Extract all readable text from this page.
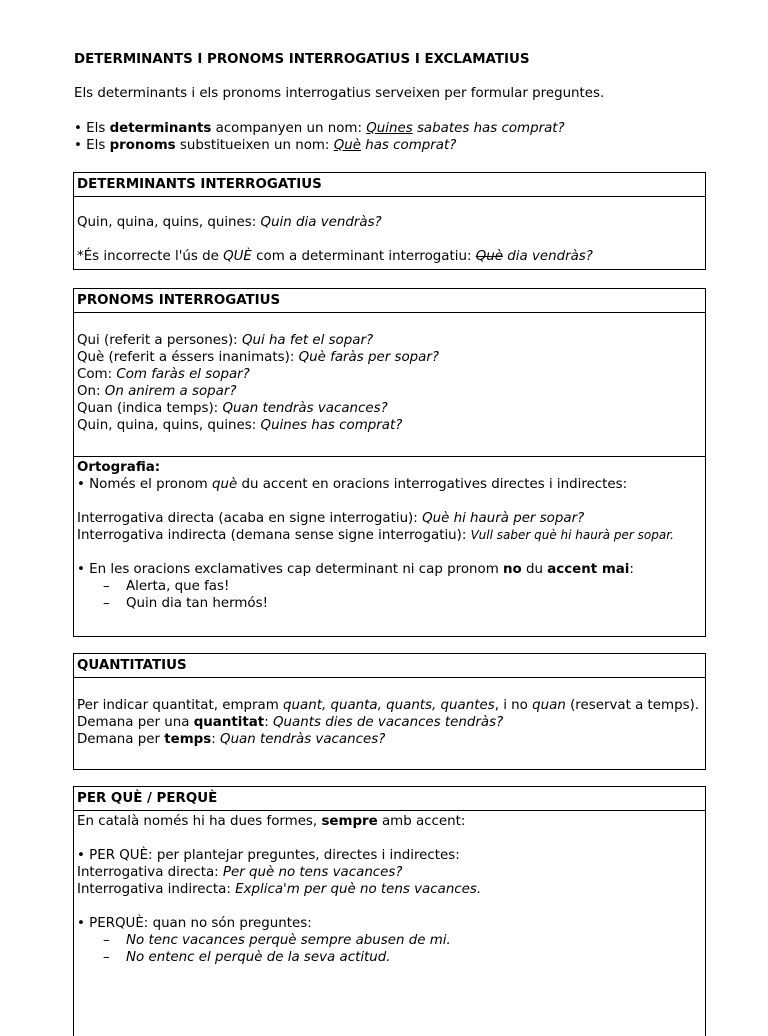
DETERMINANTS I PRONOMS INTERROGATIUS I EXCLAMATIUS

Els determinants i els pronoms interrogatius serveixen per formular preguntes.

• Els determinants acompanyen un nom: Quines sabates has comprat?
• Els pronoms substitueixen un nom: Què has comprat?
DETERMINANTS INTERROGATIUS
Quin, quina, quins, quines: Quin dia vendràs?
*És incorrecte l'ús de QUÈ com a determinant interrogatiu: Què dia vendràs?
PRONOMS INTERROGATIUS
Qui (referit a persones): Qui ha fet el sopar?
Què (referit a éssers inanimats): Què faràs per sopar?
Com: Com faràs el sopar?
On: On anirem a sopar?
Quan (indica temps): Quan tendràs vacances?
Quin, quina, quins, quines: Quines has comprat?
Ortografia:
• Només el pronom què du accent en oracions interrogatives directes i indirectes:
Interrogativa directa (acaba en signe interrogatiu): Què hi haurà per sopar?
Interrogativa indirecta (demana sense signe interrogatiu): Vull saber què hi haurà per sopar.
• En les oracions exclamatives cap determinant ni cap pronom no du accent mai:
– Alerta, que fas!
– Quin dia tan hermós!
QUANTITATIUS
Per indicar quantitat, empram quant, quanta, quants, quantes, i no quan (reservat a temps).
Demana per una quantitat: Quants dies de vacances tendràs?
Demana per temps: Quan tendràs vacances?
PER QUÈ / PERQUÈ
En català només hi ha dues formes, sempre amb accent:
• PER QUÈ: per plantejar preguntes, directes i indirectes:
Interrogativa directa: Per què no tens vacances?
Interrogativa indirecta: Explica'm per què no tens vacances.
• PERQUÈ: quan no són preguntes:
– No tenc vacances perquè sempre abusen de mi.
– No entenc el perquè de la seva actitud.
